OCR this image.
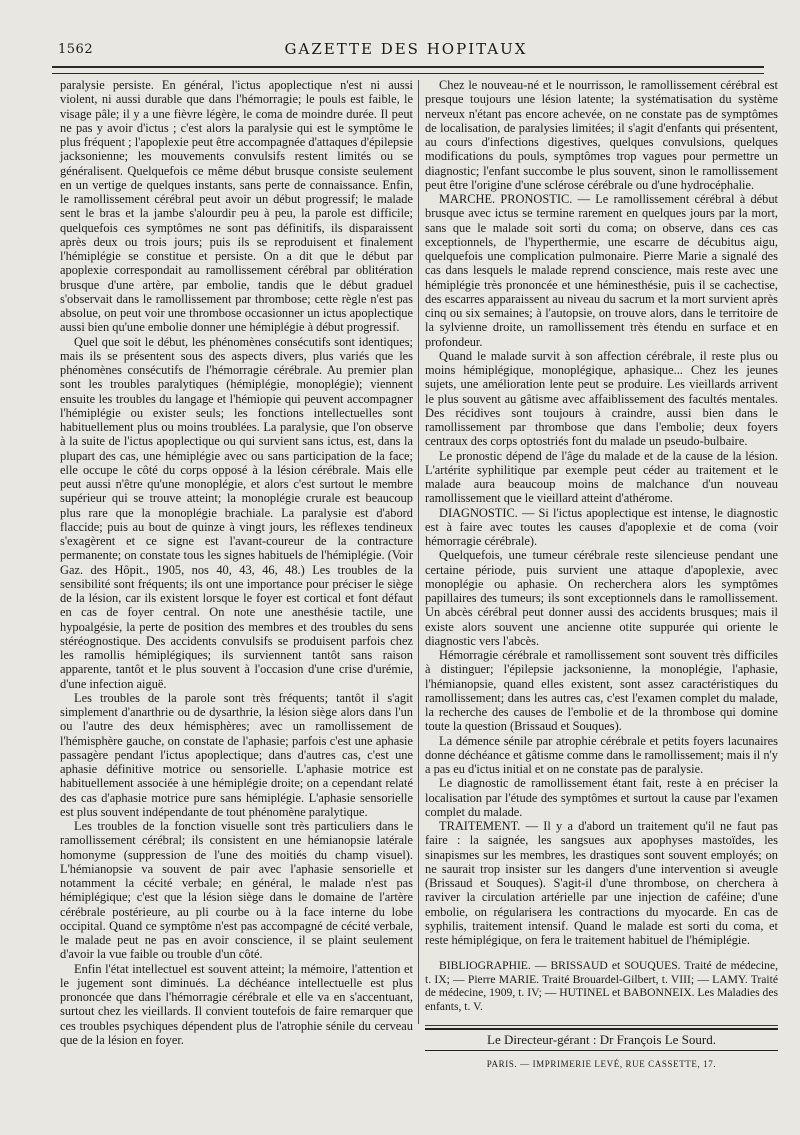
1562	GAZETTE DES HOPITAUX

paralysie persiste. En général, l'ictus apoplectique n'est ni aussi violent, ni aussi durable que dans l'hémorragie; le pouls est faible, le visage pâle; il y a une fièvre légère, le coma de moindre durée. Il peut ne pas y avoir d'ictus ; c'est alors la paralysie qui est le symptôme le plus fréquent ; l'apoplexie peut être accompagnée d'attaques d'épilepsie jacksonienne; les mouvements convulsifs restent limités ou se généralisent. Quelquefois ce même début brusque consiste seulement en un vertige de quelques instants, sans perte de connaissance. Enfin, le ramollissement cérébral peut avoir un début progressif; le malade sent le bras et la jambe s'alourdir peu à peu, la parole est difficile; quelquefois ces symptômes ne sont pas définitifs, ils disparaissent après deux ou trois jours; puis ils se reproduisent et finalement l'hémiplégie se constitue et persiste. On a dit que le début par apoplexie correspondait au ramollissement cérébral par oblitération brusque d'une artère, par embolie, tandis que le début graduel s'observait dans le ramollissement par thrombose; cette règle n'est pas absolue, on peut voir une thrombose occasionner un ictus apoplectique aussi bien qu'une embolie donner une hémiplégie à début progressif.

Quel que soit le début, les phénomènes consécutifs sont identiques; mais ils se présentent sous des aspects divers, plus variés que les phénomènes consécutifs de l'hémorragie cérébrale. Au premier plan sont les troubles paralytiques (hémiplégie, monoplégie); viennent ensuite les troubles du langage et l'hémiopie qui peuvent accompagner l'hémiplégie ou exister seuls; les fonctions intellectuelles sont habituellement plus ou moins troublées. La paralysie, que l'on observe à la suite de l'ictus apoplectique ou qui survient sans ictus, est, dans la plupart des cas, une hémiplégie avec ou sans participation de la face; elle occupe le côté du corps opposé à la lésion cérébrale. Mais elle peut aussi n'être qu'une monoplégie, et alors c'est surtout le membre supérieur qui se trouve atteint; la monoplégie crurale est beaucoup plus rare que la monoplégie brachiale. La paralysie est d'abord flaccide; puis au bout de quinze à vingt jours, les réflexes tendineux s'exagèrent et ce signe est l'avant-coureur de la contracture permanente; on constate tous les signes habituels de l'hémiplégie. (Voir Gaz. des Hôpit., 1905, nos 40, 43, 46, 48.) Les troubles de la sensibilité sont fréquents; ils ont une importance pour préciser le siège de la lésion, car ils existent lorsque le foyer est cortical et font défaut en cas de foyer central. On note une anesthésie tactile, une hypoalgésie, la perte de position des membres et des troubles du sens stéréognostique. Des accidents convulsifs se produisent parfois chez les ramollis hémiplégiques; ils surviennent tantôt sans raison apparente, tantôt et le plus souvent à l'occasion d'une crise d'urémie, d'une infection aiguë.

Les troubles de la parole sont très fréquents; tantôt il s'agit simplement d'anarthrie ou de dysarthrie, la lésion siège alors dans l'un ou l'autre des deux hémisphères; avec un ramollissement de l'hémisphère gauche, on constate de l'aphasie; parfois c'est une aphasie passagère pendant l'ictus apoplectique; dans d'autres cas, c'est une aphasie définitive motrice ou sensorielle. L'aphasie motrice est habituellement associée à une hémiplégie droite; on a cependant relaté des cas d'aphasie motrice pure sans hémiplégie. L'aphasie sensorielle est plus souvent indépendante de tout phénomène paralytique.

Les troubles de la fonction visuelle sont très particuliers dans le ramollissement cérébral; ils consistent en une hémianopsie latérale homonyme (suppression de l'une des moitiés du champ visuel). L'hémianopsie va souvent de pair avec l'aphasie sensorielle et notamment la cécité verbale; en général, le malade n'est pas hémiplégique; c'est que la lésion siège dans le domaine de l'artère cérébrale postérieure, au pli courbe ou à la face interne du lobe occipital. Quand ce symptôme n'est pas accompagné de cécité verbale, le malade peut ne pas en avoir conscience, il se plaint seulement d'avoir la vue faible ou trouble d'un côté.

Enfin l'état intellectuel est souvent atteint; la mémoire, l'attention et le jugement sont diminués. La déchéance intellectuelle est plus prononcée que dans l'hémorragie cérébrale et elle va en s'accentuant, surtout chez les vieillards. Il convient toutefois de faire remarquer que ces troubles psychiques dépendent plus de l'atrophie sénile du cerveau que de la lésion en foyer.

Chez le nouveau-né et le nourrisson, le ramollissement cérébral est presque toujours une lésion latente; la systématisation du système nerveux n'étant pas encore achevée, on ne constate pas de symptômes de localisation, de paralysies limitées; il s'agit d'enfants qui présentent, au cours d'infections digestives, quelques convulsions, quelques modifications du pouls, symptômes trop vagues pour permettre un diagnostic; l'enfant succombe le plus souvent, sinon le ramollissement peut être l'origine d'une sclérose cérébrale ou d'une hydrocéphalie.

MARCHE. PRONOSTIC. — Le ramollissement cérébral à début brusque avec ictus se termine rarement en quelques jours par la mort, sans que le malade soit sorti du coma; on observe, dans ces cas exceptionnels, de l'hyperthermie, une escarre de décubitus aigu, quelquefois une complication pulmonaire. Pierre Marie a signalé des cas dans lesquels le malade reprend conscience, mais reste avec une hémiplégie très prononcée et une héminesthésie, puis il se cachectise, des escarres apparaissent au niveau du sacrum et la mort survient après cinq ou six semaines; à l'autopsie, on trouve alors, dans le territoire de la sylvienne droite, un ramollissement très étendu en surface et en profondeur.

Quand le malade survit à son affection cérébrale, il reste plus ou moins hémiplégique, monoplégique, aphasique... Chez les jeunes sujets, une amélioration lente peut se produire. Les vieillards arrivent le plus souvent au gâtisme avec affaiblissement des facultés mentales. Des récidives sont toujours à craindre, aussi bien dans le ramollissement par thrombose que dans l'embolie; deux foyers centraux des corps optostriés font du malade un pseudo-bulbaire.

Le pronostic dépend de l'âge du malade et de la cause de la lésion. L'artérite syphilitique par exemple peut céder au traitement et le malade aura beaucoup moins de malchance d'un nouveau ramollissement que le vieillard atteint d'athérome.

DIAGNOSTIC. — Si l'ictus apoplectique est intense, le diagnostic est à faire avec toutes les causes d'apoplexie et de coma (voir hémorragie cérébrale).

Quelquefois, une tumeur cérébrale reste silencieuse pendant une certaine période, puis survient une attaque d'apoplexie, avec monoplégie ou aphasie. On recherchera alors les symptômes papillaires des tumeurs; ils sont exceptionnels dans le ramollissement. Un abcès cérébral peut donner aussi des accidents brusques; mais il existe alors souvent une ancienne otite suppurée qui oriente le diagnostic vers l'abcès.

Hémorragie cérébrale et ramollissement sont souvent très difficiles à distinguer; l'épilepsie jacksonienne, la monoplégie, l'aphasie, l'hémianopsie, quand elles existent, sont assez caractéristiques du ramollissement; dans les autres cas, c'est l'examen complet du malade, la recherche des causes de l'embolie et de la thrombose qui domine toute la question (Brissaud et Souques).

La démence sénile par atrophie cérébrale et petits foyers lacunaires donne déchéance et gâtisme comme dans le ramollissement; mais il n'y a pas eu d'ictus initial et on ne constate pas de paralysie.

Le diagnostic de ramollissement étant fait, reste à en préciser la localisation par l'étude des symptômes et surtout la cause par l'examen complet du malade.

TRAITEMENT. — Il y a d'abord un traitement qu'il ne faut pas faire : la saignée, les sangsues aux apophyses mastoïdes, les sinapismes sur les membres, les drastiques sont souvent employés; on ne saurait trop insister sur les dangers d'une intervention si aveugle (Brissaud et Souques). S'agit-il d'une thrombose, on cherchera à raviver la circulation artérielle par une injection de caféine; d'une embolie, on régularisera les contractions du myocarde. En cas de syphilis, traitement intensif. Quand le malade est sorti du coma, et reste hémiplégique, on fera le traitement habituel de l'hémiplégie.

BIBLIOGRAPHIE. — BRISSAUD et SOUQUES. Traité de médecine, t. IX; — Pierre MARIE. Traité Brouardel-Gilbert, t. VIII; — LAMY. Traité de médecine, 1909, t. IV; — HUTINEL et BABONNEIX. Les Maladies des enfants, t. V.

Le Directeur-gérant : Dr François Le Sourd.
PARIS. — IMPRIMERIE LEVÉ, RUE CASSETTE, 17.
